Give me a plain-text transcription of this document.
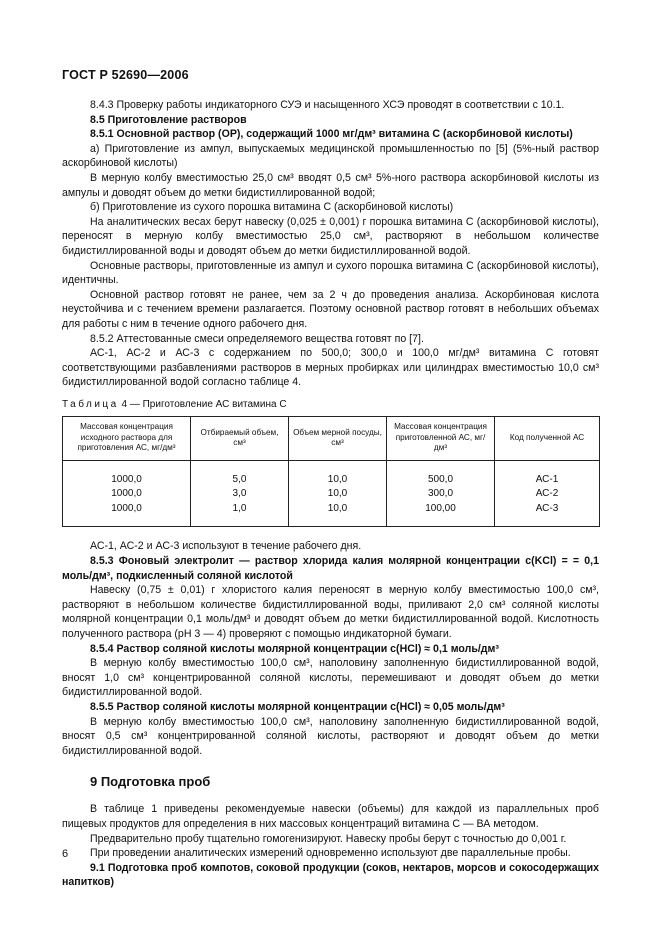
ГОСТ Р 52690—2006

8.4.3 Проверку работы индикаторного СУЭ и насыщенного ХСЭ проводят в соответствии с 10.1.

8.5 Приготовление растворов

8.5.1 Основной раствор (ОР), содержащий 1000 мг/дм³ витамина С (аскорбиновой кислоты)

а) Приготовление из ампул, выпускаемых медицинской промышленностью по [5] (5%-ный раствор аскорбиновой кислоты)

В мерную колбу вместимостью 25,0 см³ вводят 0,5 см³ 5%-ного раствора аскорбиновой кислоты из ампулы и доводят объем до метки бидистиллированной водой;

б) Приготовление из сухого порошка витамина С (аскорбиновой кислоты)

На аналитических весах берут навеску (0,025 ± 0,001) г порошка витамина С (аскорбиновой кислоты), переносят в мерную колбу вместимостью 25,0 см³, растворяют в небольшом количестве бидистиллированной воды и доводят объем до метки бидистиллированной водой.

Основные растворы, приготовленные из ампул и сухого порошка витамина С (аскорбиновой кислоты), идентичны.

Основной раствор готовят не ранее, чем за 2 ч до проведения анализа. Аскорбиновая кислота неустойчива и с течением времени разлагается. Поэтому основной раствор готовят в небольших объемах для работы с ним в течение одного рабочего дня.

8.5.2 Аттестованные смеси определяемого вещества готовят по [7].

АС-1, АС-2 и АС-3 с содержанием по 500,0; 300,0 и 100,0 мг/дм³ витамина С готовят соответствующими разбавлениями растворов в мерных пробирках или цилиндрах вместимостью 10,0 см³ бидистиллированной водой согласно таблице 4.

Таблица 4 — Приготовление АС витамина С
Массовая концентрация исходного раствора для приготовления АС, мг/дм³	Отбираемый объем, см³	Объем мерной посуды, см³	Массовая концентрация приготовленной АС, мг/дм³	Код полученной АС
1000,0	5,0	10,0	500,0	АС-1
1000,0	3,0	10,0	300,0	АС-2
1000,0	1,0	10,0	100,00	АС-3

АС-1, АС-2 и АС-3 используют в течение рабочего дня.

8.5.3 Фоновый электролит — раствор хлорида калия молярной концентрации c(KCl) = = 0,1 моль/дм³, подкисленный соляной кислотой

Навеску (0,75 ± 0,01) г хлористого калия переносят в мерную колбу вместимостью 100,0 см³, растворяют в небольшом количестве бидистиллированной воды, приливают 2,0 см³ соляной кислоты молярной концентрации 0,1 моль/дм³ и доводят объем до метки бидистиллированной водой. Кислотность полученного раствора (рН 3 — 4) проверяют с помощью индикаторной бумаги.

8.5.4 Раствор соляной кислоты молярной концентрации c(HCl) ≈ 0,1 моль/дм³

В мерную колбу вместимостью 100,0 см³, наполовину заполненную бидистиллированной водой, вносят 1,0 см³ концентрированной соляной кислоты, перемешивают и доводят объем до метки бидистиллированной водой.

8.5.5 Раствор соляной кислоты молярной концентрации c(HCl) ≈ 0,05 моль/дм³

В мерную колбу вместимостью 100,0 см³, наполовину заполненную бидистиллированной водой, вносят 0,5 см³ концентрированной соляной кислоты, растворяют и доводят объем до метки бидистиллированной водой.

9 Подготовка проб

В таблице 1 приведены рекомендуемые навески (объемы) для каждой из параллельных проб пищевых продуктов для определения в них массовых концентраций витамина С — ВА методом.

Предварительно пробу тщательно гомогенизируют. Навеску пробы берут с точностью до 0,001 г.

При проведении аналитических измерений одновременно используют две параллельные пробы.

9.1 Подготовка проб компотов, соковой продукции (соков, нектаров, морсов и сокосодержащих напитков)

6
